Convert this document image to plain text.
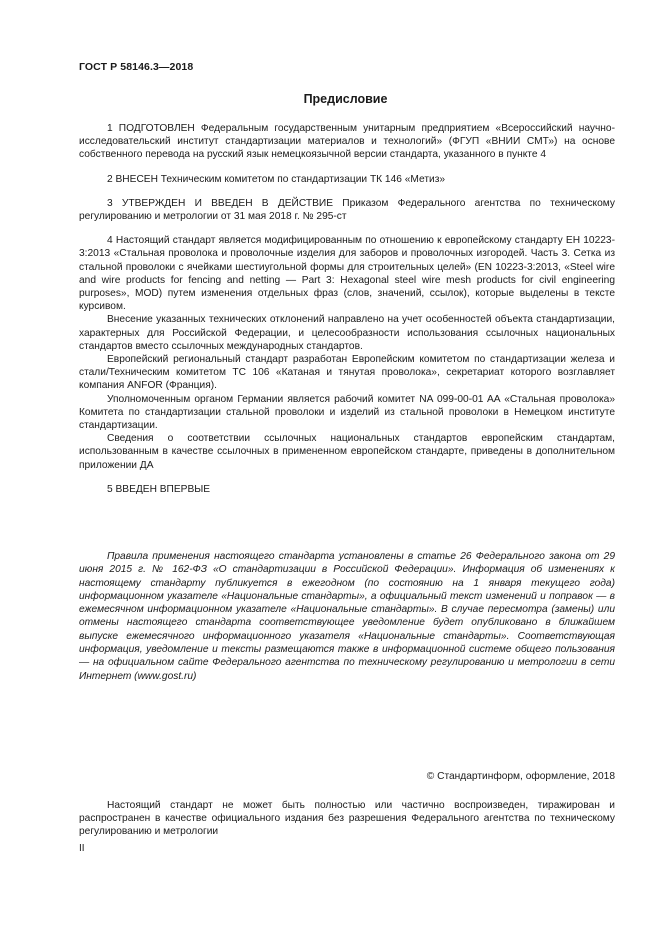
ГОСТ Р 58146.3—2018
Предисловие

1 ПОДГОТОВЛЕН Федеральным государственным унитарным предприятием «Всероссийский научно-исследовательский институт стандартизации материалов и технологий» (ФГУП «ВНИИ СМТ») на основе собственного перевода на русский язык немецкоязычной версии стандарта, указанного в пункте 4

2 ВНЕСЕН Техническим комитетом по стандартизации ТК 146 «Метиз»

3 УТВЕРЖДЕН И ВВЕДЕН В ДЕЙСТВИЕ Приказом Федерального агентства по техническому регулированию и метрологии от 31 мая 2018 г. № 295-ст

4 Настоящий стандарт является модифицированным по отношению к европейскому стандарту ЕН 10223-3:2013 «Стальная проволока и проволочные изделия для заборов и проволочных изгородей. Часть 3. Сетка из стальной проволоки с ячейками шестиугольной формы для строительных целей» (EN 10223-3:2013, «Steel wire and wire products for fencing and netting — Part 3: Hexagonal steel wire mesh products for civil engineering purposes», MOD) путем изменения отдельных фраз (слов, значений, ссылок), которые выделены в тексте курсивом.

Внесение указанных технических отклонений направлено на учет особенностей объекта стандартизации, характерных для Российской Федерации, и целесообразности использования ссылочных национальных стандартов вместо ссылочных международных стандартов.

Европейский региональный стандарт разработан Европейским комитетом по стандартизации железа и стали/Техническим комитетом ТС 106 «Катаная и тянутая проволока», секретариат которого возглавляет компания ANFOR (Франция).

Уполномоченным органом Германии является рабочий комитет NA 099-00-01 AA «Стальная проволока» Комитета по стандартизации стальной проволоки и изделий из стальной проволоки в Немецком институте стандартизации.

Сведения о соответствии ссылочных национальных стандартов европейским стандартам, использованным в качестве ссылочных в примененном европейском стандарте, приведены в дополнительном приложении ДА

5 ВВЕДЕН ВПЕРВЫЕ

Правила применения настоящего стандарта установлены в статье 26 Федерального закона от 29 июня 2015 г. № 162-ФЗ «О стандартизации в Российской Федерации». Информация об изменениях к настоящему стандарту публикуется в ежегодном (по состоянию на 1 января текущего года) информационном указателе «Национальные стандарты», а официальный текст изменений и поправок — в ежемесячном информационном указателе «Национальные стандарты». В случае пересмотра (замены) или отмены настоящего стандарта соответствующее уведомление будет опубликовано в ближайшем выпуске ежемесячного информационного указателя «Национальные стандарты». Соответствующая информация, уведомление и тексты размещаются также в информационной системе общего пользования — на официальном сайте Федерального агентства по техническому регулированию и метрологии в сети Интернет (www.gost.ru)

© Стандартинформ, оформление, 2018

Настоящий стандарт не может быть полностью или частично воспроизведен, тиражирован и распространен в качестве официального издания без разрешения Федерального агентства по техническому регулированию и метрологии

II
